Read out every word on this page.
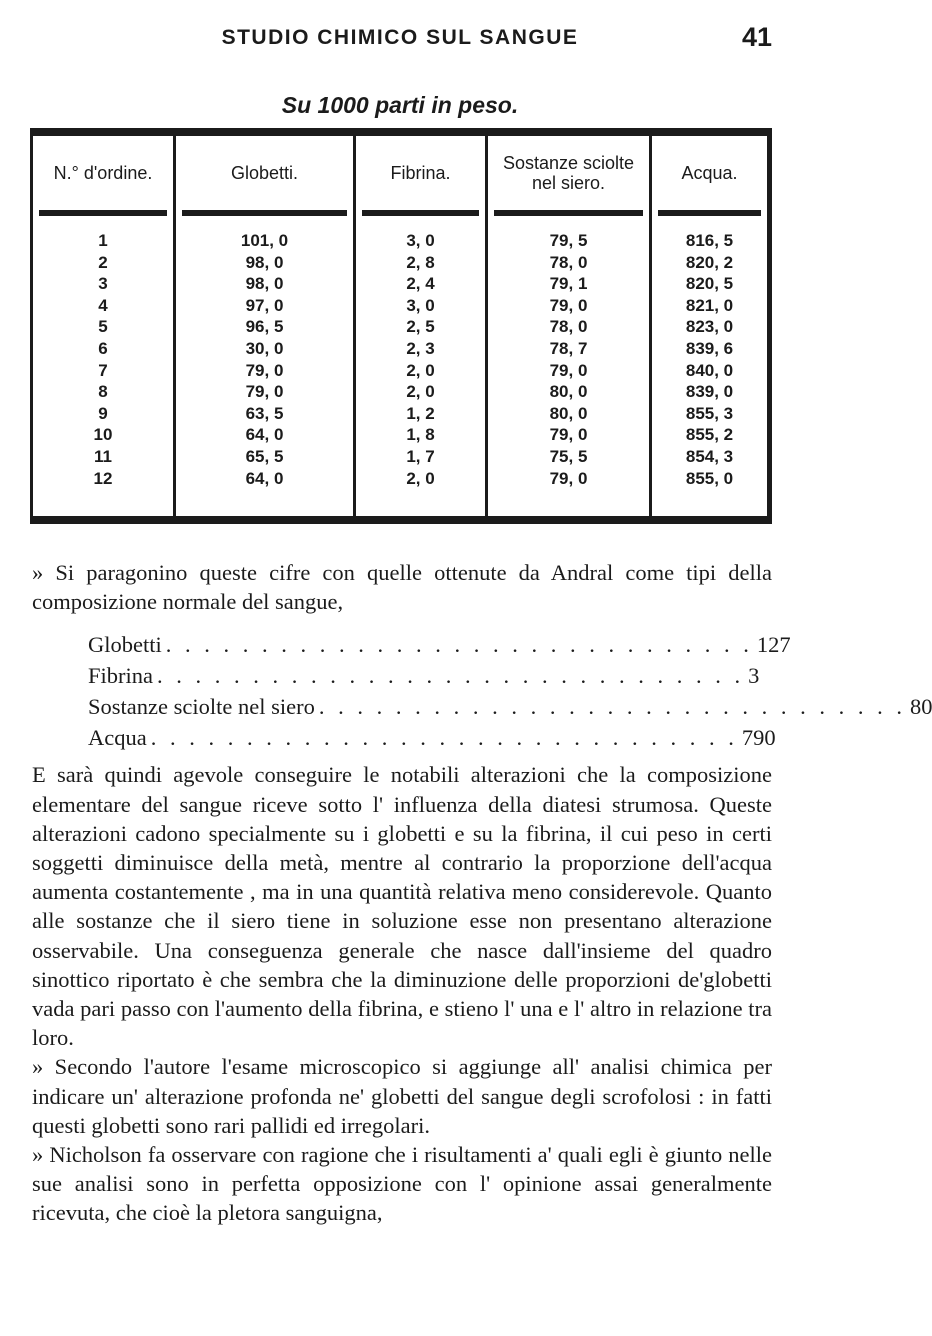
STUDIO CHIMICO SUL SANGUE	41
Su 1000 parti in peso.
N.° d'ordine.
1
2
3
4
5
6
7
8
9
10
11
12
Globetti.
101, 0
98, 0
98, 0
97, 0
96, 5
30, 0
79, 0
79, 0
63, 5
64, 0
65, 5
64, 0
Fibrina.
3, 0
2, 8
2, 4
3, 0
2, 5
2, 3
2, 0
2, 0
1, 2
1, 8
1, 7
2, 0
Sostanze sciolte nel siero.
79, 5
78, 0
79, 1
79, 0
78, 0
78, 7
79, 0
80, 0
80, 0
79, 0
75, 5
79, 0
Acqua.
816, 5
820, 2
820, 5
821, 0
823, 0
839, 6
840, 0
839, 0
855, 3
855, 2
854, 3
855, 0

» Si paragonino queste cifre con quelle ottenute da Andral come tipi della composizione normale del sangue,

Globetti . . . . . . . . . . . . . . . . . . . . . . . . . . . . . . . 127
Fibrina . . . . . . . . . . . . . . . . . . . . . . . . . . . . . . . 3
Sostanze sciolte nel siero . . . . . . . . . . . . . . . . . . . . . . . . . . . . . . . 80
Acqua . . . . . . . . . . . . . . . . . . . . . . . . . . . . . . . 790

E sarà quindi agevole conseguire le notabili alterazioni che la composizione elementare del sangue riceve sotto l' influenza della diatesi strumosa. Queste alterazioni cadono specialmente su i globetti e su la fibrina, il cui peso in certi soggetti diminuisce della metà, mentre al contrario la proporzione dell'acqua aumenta costantemente , ma in una quantità relativa meno considerevole. Quanto alle sostanze che il siero tiene in soluzione esse non presentano alterazione osservabile. Una conseguenza generale che nasce dall'insieme del quadro sinottico riportato è che sembra che la diminuzione delle proporzioni de'globetti vada pari passo con l'aumento della fibrina, e stieno l' una e l' altro in relazione tra loro.

» Secondo l'autore l'esame microscopico si aggiunge all' analisi chimica per indicare un' alterazione profonda ne' globetti del sangue degli scrofolosi : in fatti questi globetti sono rari pallidi ed irregolari.

» Nicholson fa osservare con ragione che i risultamenti a' quali egli è giunto nelle sue analisi sono in perfetta opposizione con l' opinione assai generalmente ricevuta, che cioè la pletora sanguigna,
